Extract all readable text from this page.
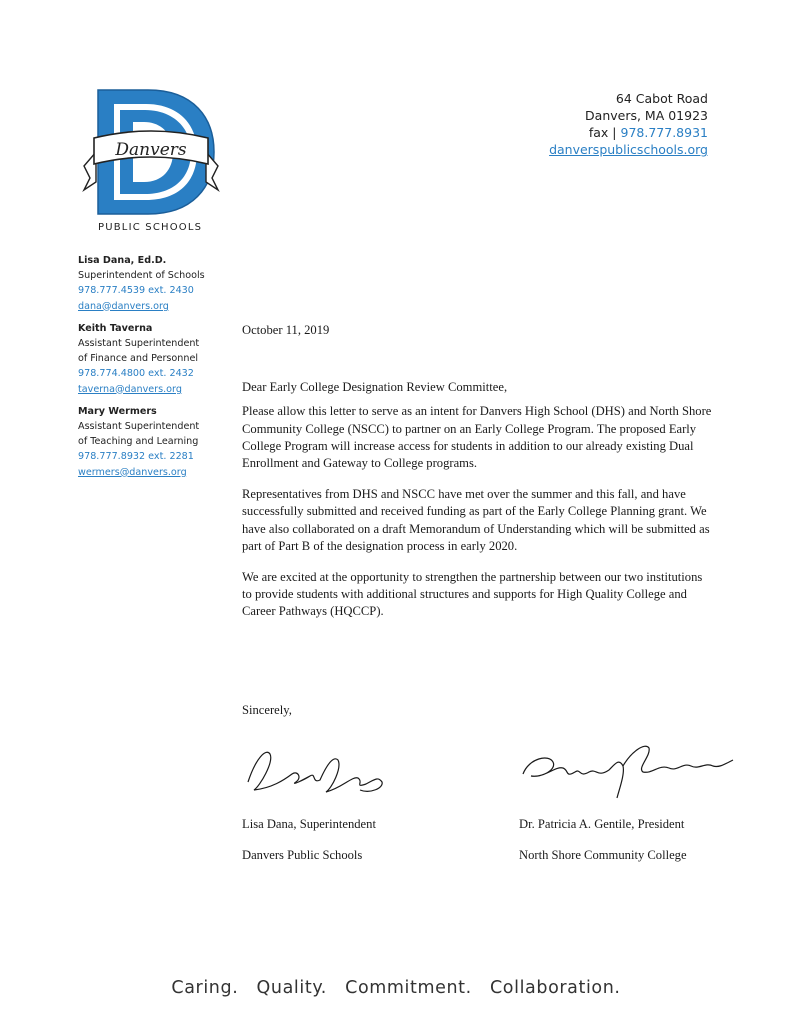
Danvers
PUBLIC SCHOOLS
64 Cabot Road
Danvers, MA 01923
fax | 978.777.8931
danverspublicschools.org
Lisa Dana, Ed.D.
Superintendent of Schools
978.777.4539 ext. 2430
dana@danvers.org
Keith Taverna
Assistant Superintendent
of Finance and Personnel
978.774.4800 ext. 2432
taverna@danvers.org
Mary Wermers
Assistant Superintendent
of Teaching and Learning
978.777.8932 ext. 2281
wermers@danvers.org

October 11, 2019

Dear Early College Designation Review Committee,

Please allow this letter to serve as an intent for Danvers High School (DHS) and North Shore Community College (NSCC) to partner on an Early College Program. The proposed Early College Program will increase access for students in addition to our already existing Dual Enrollment and Gateway to College programs.

Representatives from DHS and NSCC have met over the summer and this fall, and have successfully submitted and received funding as part of the Early College Planning grant. We have also collaborated on a draft Memorandum of Understanding which will be submitted as part of Part B of the designation process in early 2020.

We are excited at the opportunity to strengthen the partnership between our two institutions to provide students with additional structures and supports for High Quality College and Career Pathways (HQCCP).

Sincerely,
Lisa Dana, Superintendent
Danvers Public Schools
Dr. Patricia A. Gentile, President
North Shore Community College
Caring. Quality. Commitment. Collaboration.
